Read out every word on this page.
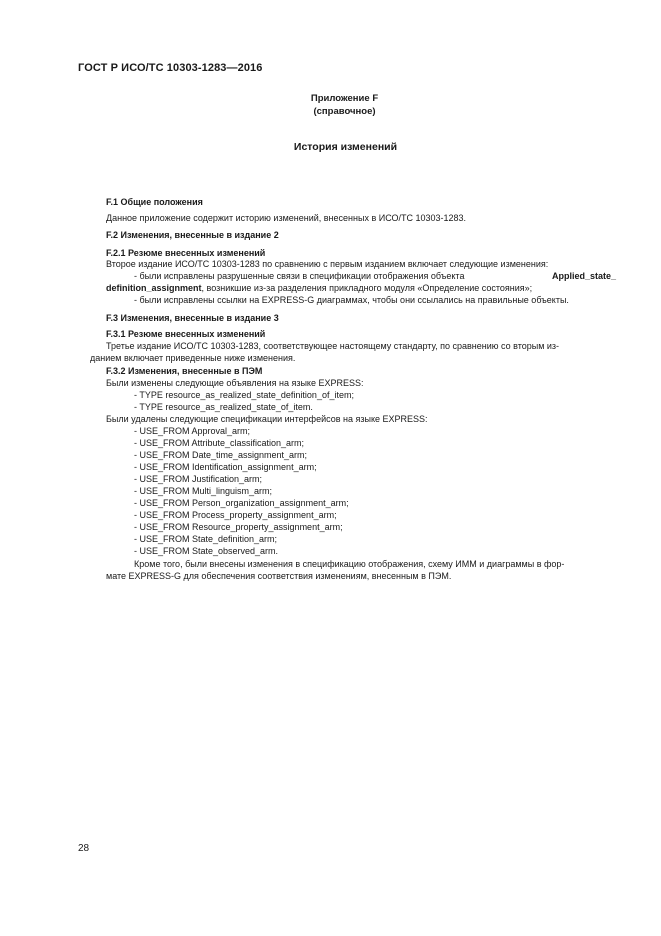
ГОСТ Р ИСО/ТС 10303-1283—2016
Приложение F
(справочное)
История изменений
F.1 Общие положения
Данное приложение содержит историю изменений, внесенных в ИСО/ТС 10303-1283.
F.2 Изменения, внесенные в издание 2
F.2.1 Резюме внесенных изменений
Второе издание ИСО/ТС 10303-1283 по сравнению с первым изданием включает следующие изменения:
- были исправлены разрушенные связи в спецификации отображения объекта	Applied_state_
definition_assignment, возникшие из-за разделения прикладного модуля «Определение состояния»;
- были исправлены ссылки на EXPRESS-G диаграммах, чтобы они ссылались на правильные объекты.
F.3 Изменения, внесенные в издание 3
F.3.1 Резюме внесенных изменений
Третье издание ИСО/ТС 10303-1283, соответствующее настоящему стандарту, по сравнению со вторым из-
данием включает приведенные ниже изменения.
F.3.2 Изменения, внесенные в ПЭМ
Были изменены следующие объявления на языке EXPRESS:
- TYPE resource_as_realized_state_definition_of_item;
- TYPE resource_as_realized_state_of_item.
Были удалены следующие спецификации интерфейсов на языке EXPRESS:
- USE_FROM Approval_arm;
- USE_FROM Attribute_classification_arm;
- USE_FROM Date_time_assignment_arm;
- USE_FROM Identification_assignment_arm;
- USE_FROM Justification_arm;
- USE_FROM Multi_linguism_arm;
- USE_FROM Person_organization_assignment_arm;
- USE_FROM Process_property_assignment_arm;
- USE_FROM Resource_property_assignment_arm;
- USE_FROM State_definition_arm;
- USE_FROM State_observed_arm.
Кроме того, были внесены изменения в спецификацию отображения, схему ИММ и диаграммы в фор-
мате EXPRESS-G для обеспечения соответствия изменениям, внесенным в ПЭМ.
28
